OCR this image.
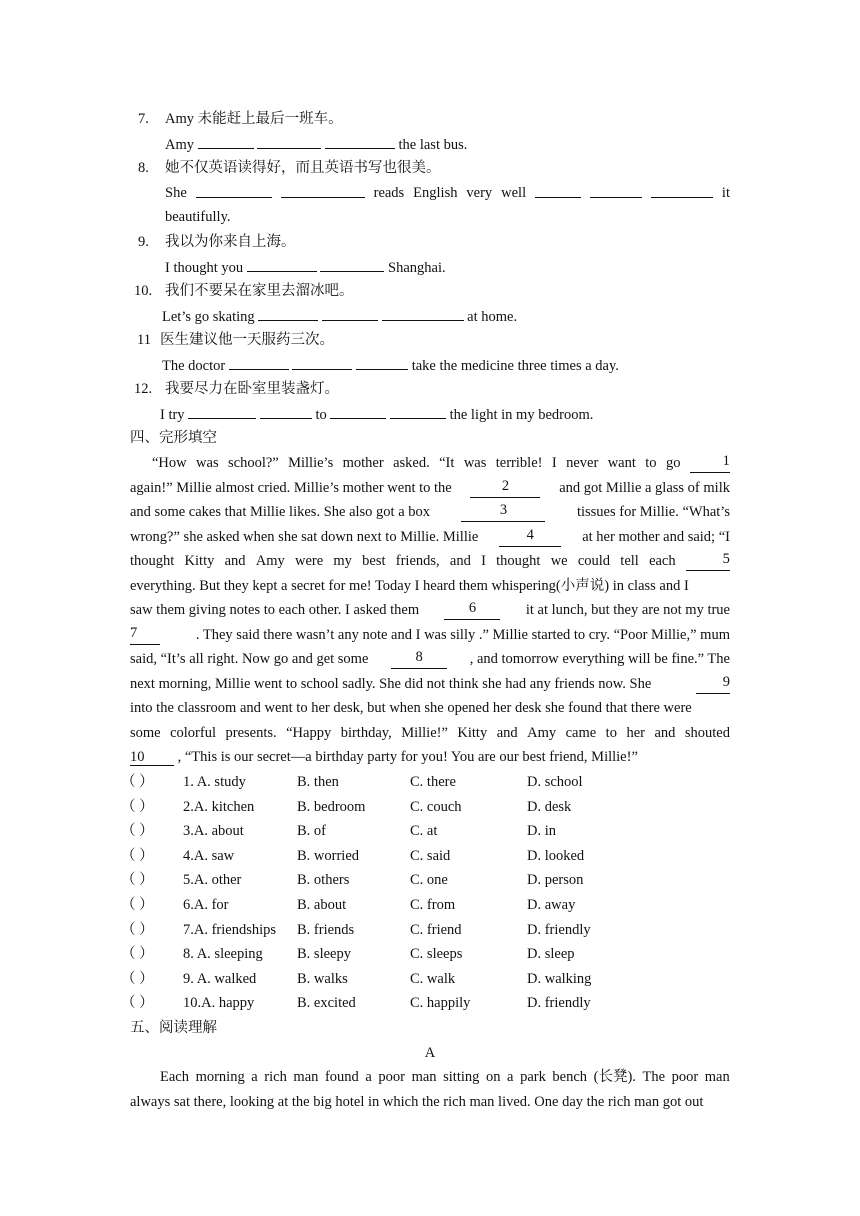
7. Amy 未能赶上最后一班车。
Amy	the last bus.
8. 她不仅英语读得好，而且英语书写也很美。
She	reads English very well	it
beautifully.
9. 我以为你来自上海。
I thought you	Shanghai.
10. 我们不要呆在家里去溜冰吧。
Let’s go skating	at home.
11 医生建议他一天服药三次。
The doctor	take the medicine three times a day.
12. 我要尽力在卧室里装盏灯。
I try	to	the light in my bedroom.
四、完形填空
“How was school?” Millie’s mother asked. “It was terrible! I never want to go	1
again!” Millie almost cried. Millie’s mother went to the	2	and got Millie a glass of milk
and some cakes that Millie likes. She also got a box	3	tissues for Millie. “What’s
wrong?” she asked when she sat down next to Millie. Millie	4	at her mother and said; “I
thought Kitty and Amy were my best friends, and I thought we could tell each	5
everything. But they kept a secret for me! Today I heard them whispering(小声说) in class and I
saw them giving notes to each other. I asked them	6	it at lunch, but they are not my true
7	. They said there wasn’t any note and I was silly .” Millie started to cry. “Poor Millie,” mum
said, “It’s all right. Now go and get some	8	, and tomorrow everything will be fine.” The
next morning, Millie went to school sadly. She did not think she had any friends now. She	9
into the classroom and went to her desk, but when she opened her desk she found that there were
some colorful presents. “Happy birthday, Millie!” Kitty and Amy came to her and shouted
10 , “This is our secret—a birthday party for you! You are our best friend, Millie!”
（ ） 1. A. study	B. then	C. there	D. school
（ ） 2.A. kitchen	B. bedroom	C. couch	D. desk
（ ） 3.A. about	B. of	C. at	D. in
（ ） 4.A. saw	B. worried	C. said	D. looked
（ ） 5.A. other	B. others	C. one	D. person
（ ） 6.A. for	B. about	C. from	D. away
（ ） 7.A. friendships B. friends	C. friend	D. friendly
（ ） 8. A. sleeping B. sleepy	C. sleeps	D. sleep
（ ） 9. A. walked	B. walks	C. walk	D. walking
（ ） 10.A. happy	B. excited	C. happily	D. friendly
五、阅读理解
A
Each morning a rich man found a poor man sitting on a park bench (长凳). The poor man
always sat there, looking at the big hotel in which the rich man lived. One day the rich man got out
